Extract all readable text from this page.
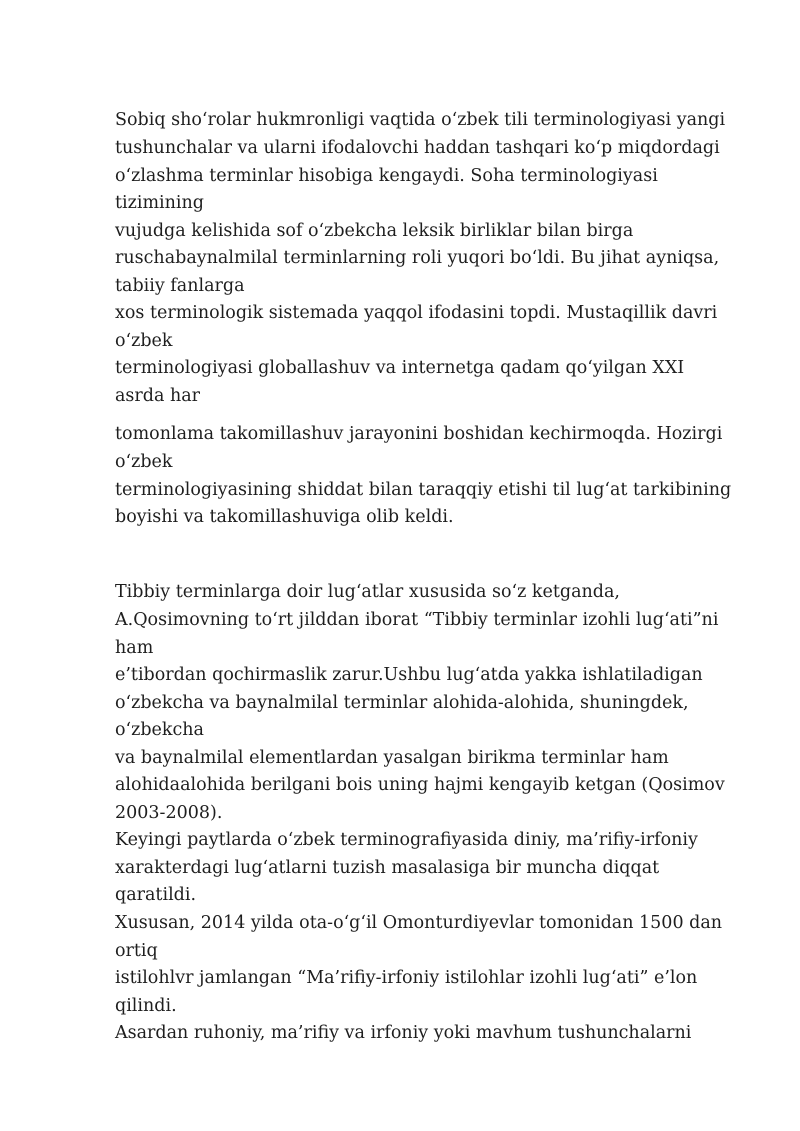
Sobiq sho‘rolar hukmronligi vaqtida o‘zbek tili terminologiyasi yangi
tushunchalar va ularni ifodalovchi haddan tashqari ko‘p miqdordagi
o‘zlashma terminlar hisobiga kengaydi. Soha terminologiyasi
tizimining
vujudga kelishida sof o‘zbekcha leksik birliklar bilan birga
ruschabaynalmilal terminlarning roli yuqori bo‘ldi. Bu jihat ayniqsa,
tabiiy fanlarga
xos terminologik sistemada yaqqol ifodasini topdi. Mustaqillik davri
o‘zbek
terminologiyasi globallashuv va internetga qadam qo‘yilgan XXI
asrda har
tomonlama takomillashuv jarayonini boshidan kechirmoqda. Hozirgi
o‘zbek
terminologiyasining shiddat bilan taraqqiy etishi til lug‘at tarkibining
boyishi va takomillashuviga olib keldi.
Tibbiy terminlarga doir lug‘atlar xususida so‘z ketganda,
A.Qosimovning to‘rt jilddan iborat “Tibbiy terminlar izohli lug‘ati”ni
ham
e’tibordan qochirmaslik zarur.Ushbu lug‘atda yakka ishlatiladigan
o‘zbekcha va baynalmilal terminlar alohida-alohida, shuningdek,
o‘zbekcha
va baynalmilal elementlardan yasalgan birikma terminlar ham
alohidaalohida berilgani bois uning hajmi kengayib ketgan (Qosimov
2003-2008).
Keyingi paytlarda o‘zbek terminografiyasida diniy, ma’rifiy-irfoniy
xarakterdagi lug‘atlarni tuzish masalasiga bir muncha diqqat
qaratildi.
Xususan, 2014 yilda ota-o‘g‘il Omonturdiyevlar tomonidan 1500 dan
ortiq
istilohlvr jamlangan “Ma’rifiy-irfoniy istilohlar izohli lug‘ati” e’lon
qilindi.
Asardan ruhoniy, ma’rifiy va irfoniy yoki mavhum tushunchalarni
